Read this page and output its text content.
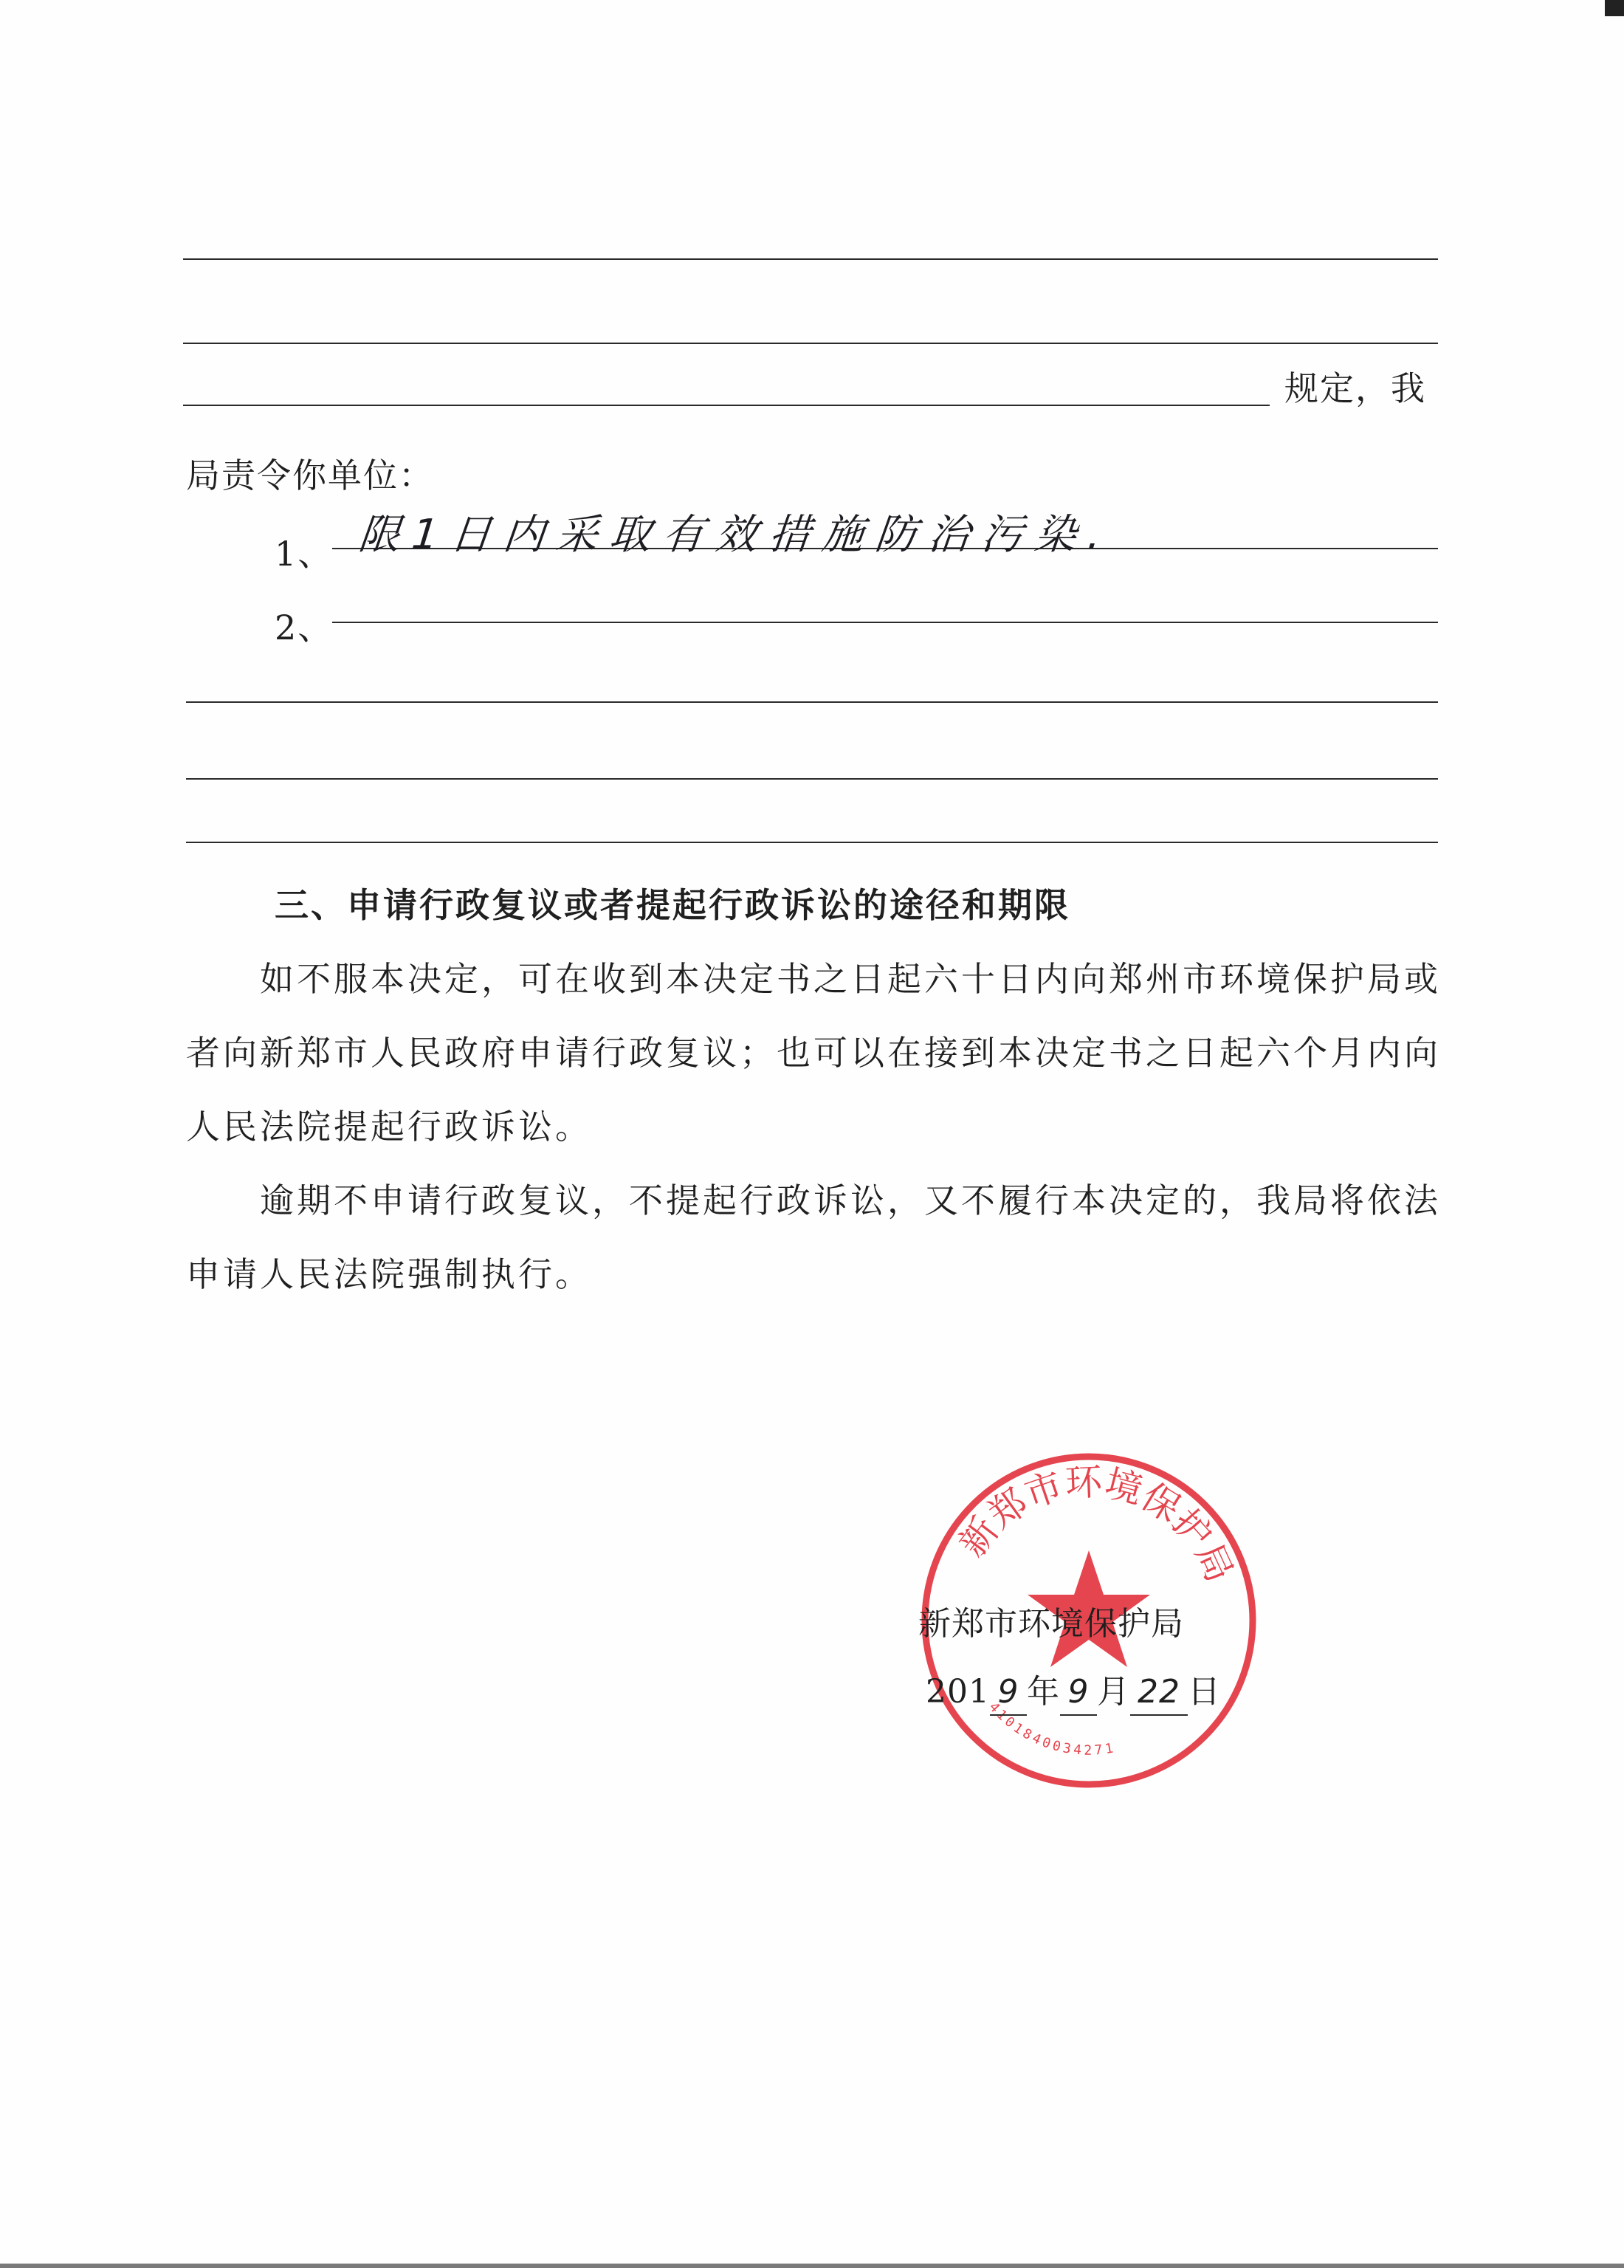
规定，我
局责令你单位：
1、 限1日内采取有效措施防治污染.
2、
三、申请行政复议或者提起行政诉讼的途径和期限
如不服本决定，可在收到本决定书之日起六十日内向郑州市环境保护局或者向新郑市人民政府申请行政复议；也可以在接到本决定书之日起六个月内向人民法院提起行政诉讼。
逾期不申请行政复议，不提起行政诉讼，又不履行本决定的，我局将依法申请人民法院强制执行。
新郑市环境保护局
4101840034271
新郑市环境保护局
201 9 年 9 月 22 日
